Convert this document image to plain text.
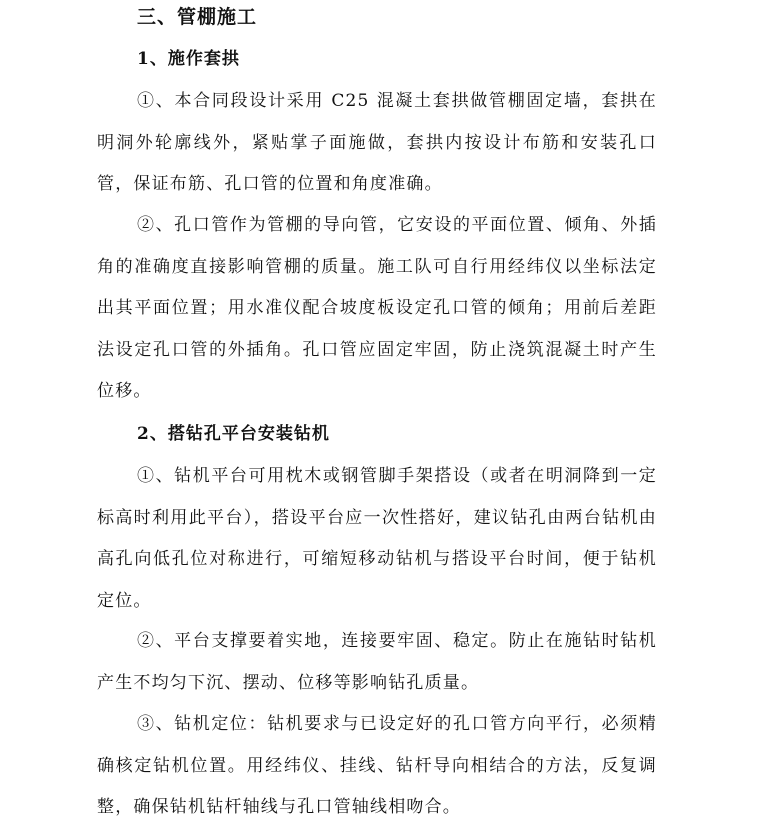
三、管棚施工
1、施作套拱

①、本合同段设计采用 C25 混凝土套拱做管棚固定墙，套拱在明洞外轮廓线外，紧贴掌子面施做，套拱内按设计布筋和安装孔口管，保证布筋、孔口管的位置和角度准确。

②、孔口管作为管棚的导向管，它安设的平面位置、倾角、外插角的准确度直接影响管棚的质量。施工队可自行用经纬仪以坐标法定出其平面位置；用水准仪配合坡度板设定孔口管的倾角；用前后差距法设定孔口管的外插角。孔口管应固定牢固，防止浇筑混凝土时产生位移。

2、搭钻孔平台安装钻机

①、钻机平台可用枕木或钢管脚手架搭设（或者在明洞降到一定标高时利用此平台），搭设平台应一次性搭好，建议钻孔由两台钻机由高孔向低孔位对称进行，可缩短移动钻机与搭设平台时间，便于钻机定位。

②、平台支撑要着实地，连接要牢固、稳定。防止在施钻时钻机产生不均匀下沉、摆动、位移等影响钻孔质量。

③、钻机定位：钻机要求与已设定好的孔口管方向平行，必须精确核定钻机位置。用经纬仪、挂线、钻杆导向相结合的方法，反复调整，确保钻机钻杆轴线与孔口管轴线相吻合。
